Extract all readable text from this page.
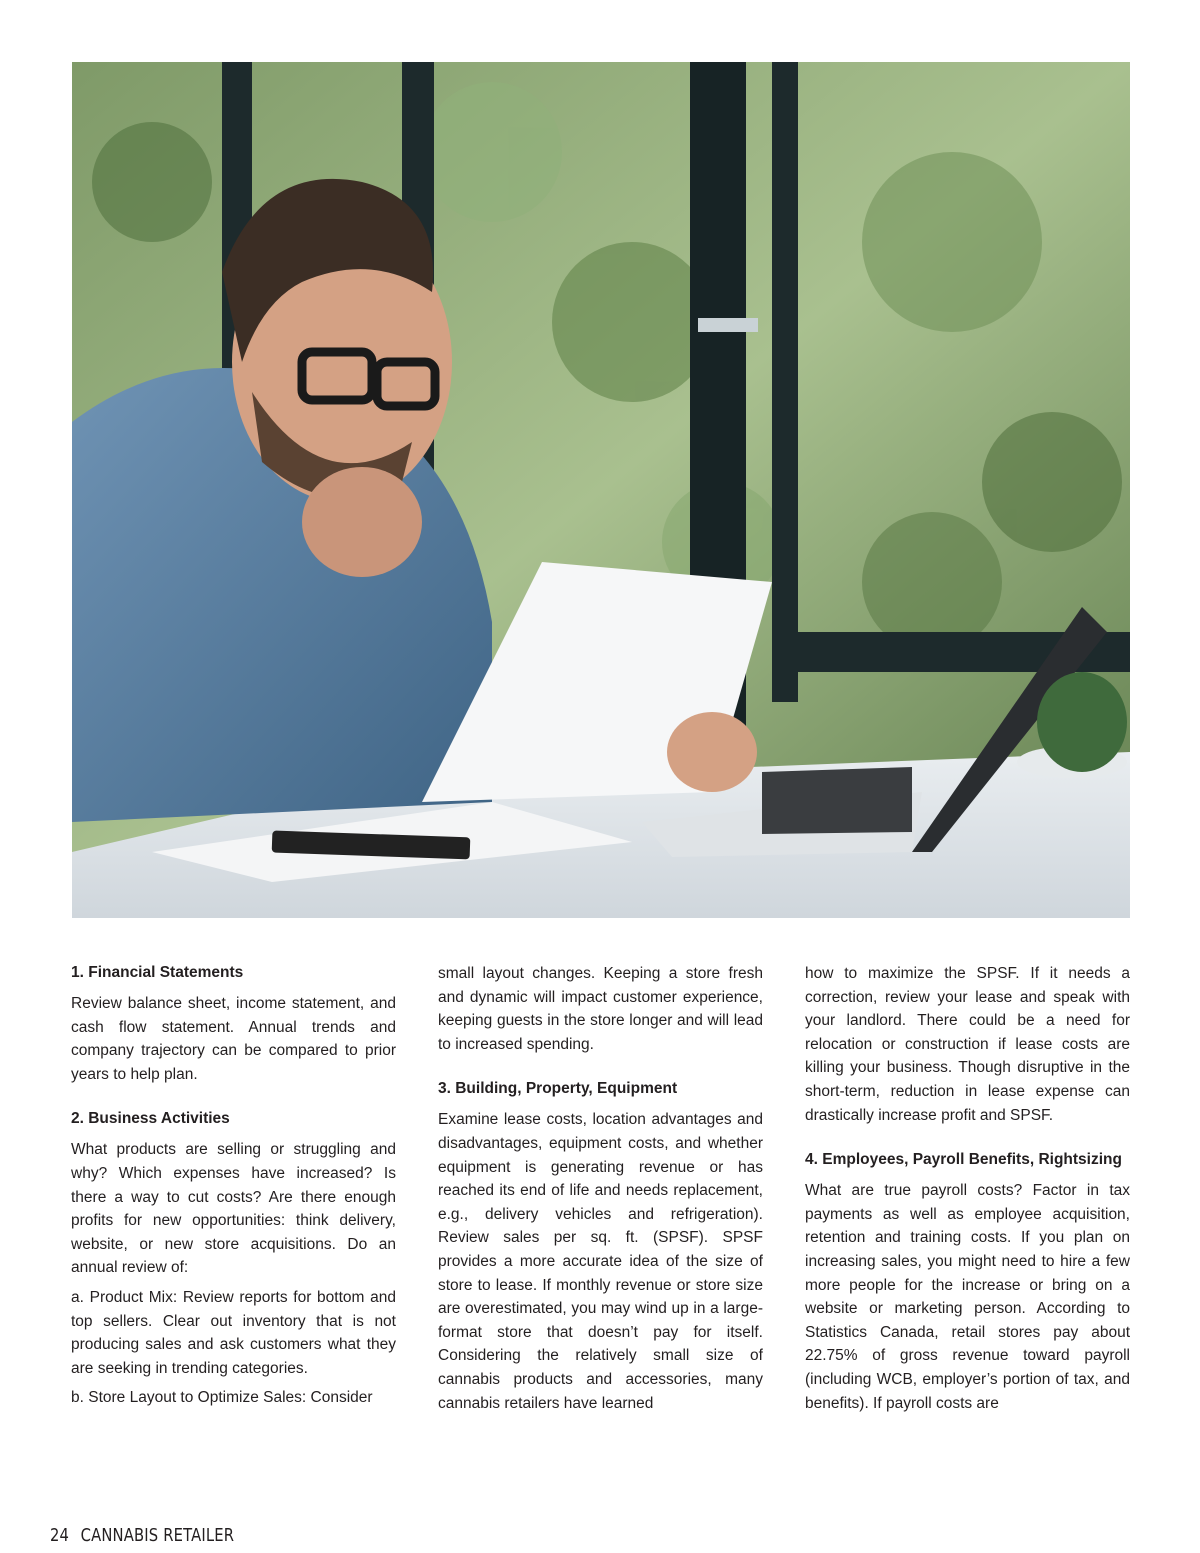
1. Financial Statements

Review balance sheet, income statement, and cash flow statement. Annual trends and company trajectory can be compared to prior years to help plan.

2. Business Activities

What products are selling or struggling and why? Which expenses have increased? Is there a way to cut costs? Are there enough profits for new opportunities: think delivery, website, or new store acquisitions. Do an annual review of:

a. Product Mix: Review reports for bottom and top sellers. Clear out inventory that is not producing sales and ask customers what they are seeking in trending categories.

b. Store Layout to Optimize Sales: Consider

small layout changes. Keeping a store fresh and dynamic will impact customer experience, keeping guests in the store longer and will lead to increased spending.

3. Building, Property, Equipment

Examine lease costs, location advantages and disadvantages, equipment costs, and whether equipment is generating revenue or has reached its end of life and needs replacement, e.g., delivery vehicles and refrigeration). Review sales per sq. ft. (SPSF). SPSF provides a more accurate idea of the size of store to lease. If monthly revenue or store size are overestimated, you may wind up in a large-format store that doesn’t pay for itself. Considering the relatively small size of cannabis products and accessories, many cannabis retailers have learned

how to maximize the SPSF. If it needs a correction, review your lease and speak with your landlord. There could be a need for relocation or construction if lease costs are killing your business. Though disruptive in the short-term, reduction in lease expense can drastically increase profit and SPSF.

4. Employees, Payroll Benefits, Rightsizing

What are true payroll costs? Factor in tax payments as well as employee acquisition, retention and training costs. If you plan on increasing sales, you might need to hire a few more people for the increase or bring on a website or marketing person. According to Statistics Canada, retail stores pay about 22.75% of gross revenue toward payroll (including WCB, employer’s portion of tax, and benefits). If payroll costs are

24 CANNABIS RETAILER
